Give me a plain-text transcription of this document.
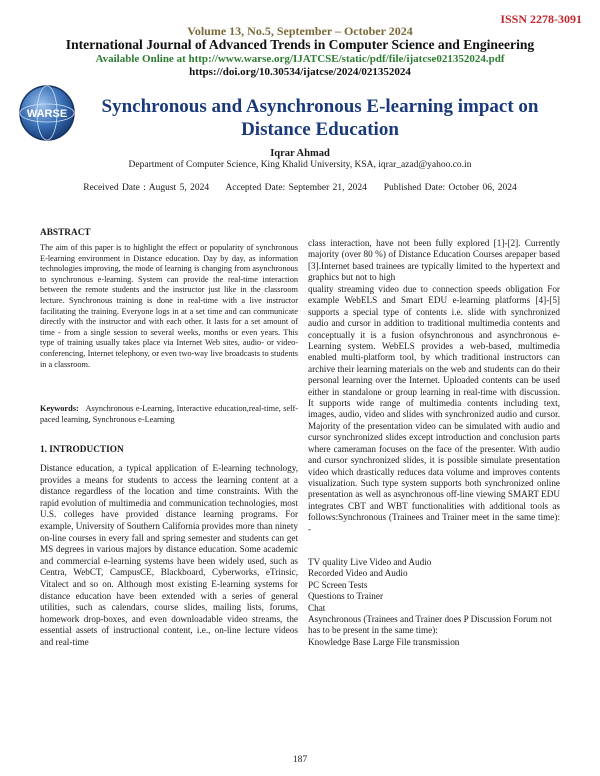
ISSN 2278-3091
Volume 13, No.5, September – October 2024
International Journal of Advanced Trends in Computer Science and Engineering
Available Online at http://www.warse.org/IJATCSE/static/pdf/file/ijatcse021352024.pdf
https://doi.org/10.30534/ijatcse/2024/021352024
WARSE	Synchronous and Asynchronous E-learning impact on
Distance Education
Iqrar Ahmad
Department of Computer Science, King Khalid University, KSA, iqrar_azad@yahoo.co.in
Received Date : August 5, 2024     Accepted Date: September 21, 2024     Published Date: October 06, 2024
ABSTRACT

The aim of this paper is to highlight the effect or popularity of synchronous E-learning environment in Distance education. Day by day, as information technologies improving, the mode of learning is changing from asynchronous to synchronous e-learning. System can provide the real-time interaction between the remote students and the instructor just like in the classroom lecture. Synchronous training is done in real-time with a live instructor facilitating the training. Everyone logs in at a set time and can communicate directly with the instructor and with each other. It lasts for a set amount of time - from a single session to several weeks, months or even years. This type of training usually takes place via Internet Web sites, audio- or video-conferencing, Internet telephony, or even two-way live broadcasts to students in a classroom.

Keywords: Asynchronous e-Learning, Interactive education,real-time, self-paced learning, Synchronous e-Learning
1. INTRODUCTION

Distance education, a typical application of E-learning technology, provides a means for students to access the learning content at a distance regardless of the location and time constraints. With the rapid evolution of multimedia and communication technologies, most U.S. colleges have provided distance learning programs. For example, University of Southern California provides more than ninety on-line courses in every fall and spring semester and students can get MS degrees in various majors by distance education. Some academic and commercial e-learning systems have been widely used, such as Centra, WebCT, CampusCE, Blackboard, Cyberworks, eTrinsic, Vitalect and so on. Although most existing E-learning systems for distance education have been extended with a series of general utilities, such as calendars, course slides, mailing lists, forums, homework drop-boxes, and even downloadable video streams, the essential assets of instructional content, i.e., on-line lecture videos and real-time

class interaction, have not been fully explored [1]-[2]. Currently majority (over 80 %) of Distance Education Courses arepaper based [3].Internet based trainees are typically limited to the hypertext and graphics but not to high

quality streaming video due to connection speeds obligation For example WebELS and Smart EDU e-learning platforms [4]-[5] supports a special type of contents i.e. slide with synchronized audio and cursor in addition to traditional multimedia contents and conceptually it is a fusion ofsynchronous and asynchronous e-Learning system. WebELS provides a web-based, multimedia enabled multi-platform tool, by which traditional instructors can archive their learning materials on the web and students can do their personal learning over the Internet. Uploaded contents can be used either in standalone or group learning in real-time with discussion. It supports wide range of multimedia contents including text, images, audio, video and slides with synchronized audio and cursor. Majority of the presentation video can be simulated with audio and cursor synchronized slides except introduction and conclusion parts where cameraman focuses on the face of the presenter. With audio and cursor synchronized slides, it is possible simulate presentation video which drastically reduces data volume and improves contents visualization. Such type system supports both synchronized online presentation as well as asynchronous off-line viewing SMART EDU integrates CBT and WBT functionalities with additional tools as follows:Synchronous (Trainees and Trainer meet in the same time): -

TV quality Live Video and Audio
Recorded Video and Audio
PC Screen Tests
Questions to Trainer
Chat

Asynchronous (Trainees and Trainer does P Discussion Forum not has to be present in the same time):

Knowledge Base Large File transmission
187
